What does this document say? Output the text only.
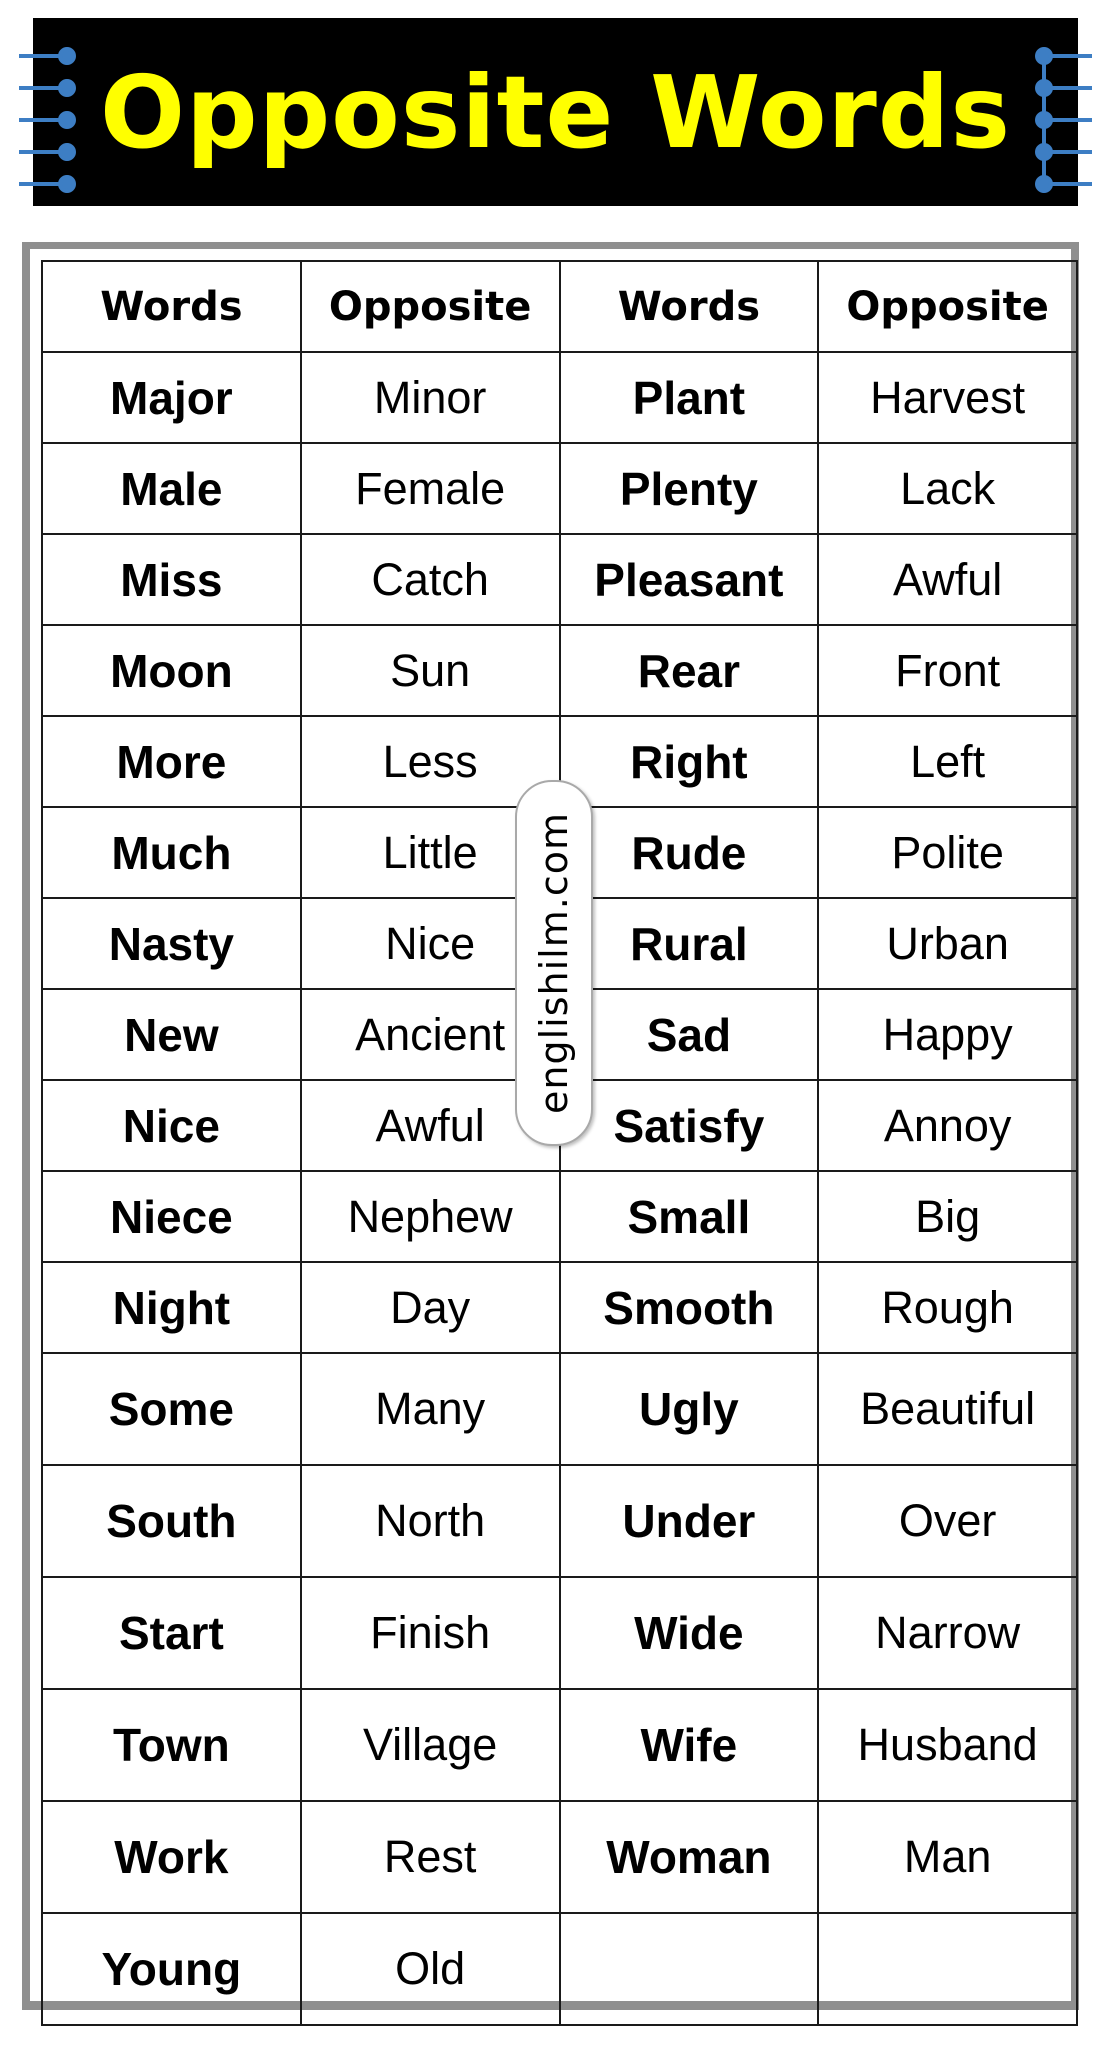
Opposite Words
Words	Opposite	Words	Opposite
Major	Minor	Plant	Harvest
Male	Female	Plenty	Lack
Miss	Catch	Pleasant	Awful
Moon	Sun	Rear	Front
More	Less	Right	Left
Much	Little	Rude	Polite
Nasty	Nice	Rural	Urban
New	Ancient	Sad	Happy
Nice	Awful	Satisfy	Annoy
Niece	Nephew	Small	Big
Night	Day	Smooth	Rough
Some	Many	Ugly	Beautiful
South	North	Under	Over
Start	Finish	Wide	Narrow
Town	Village	Wife	Husband
Work	Rest	Woman	Man
Young	Old		
englishilm.com
